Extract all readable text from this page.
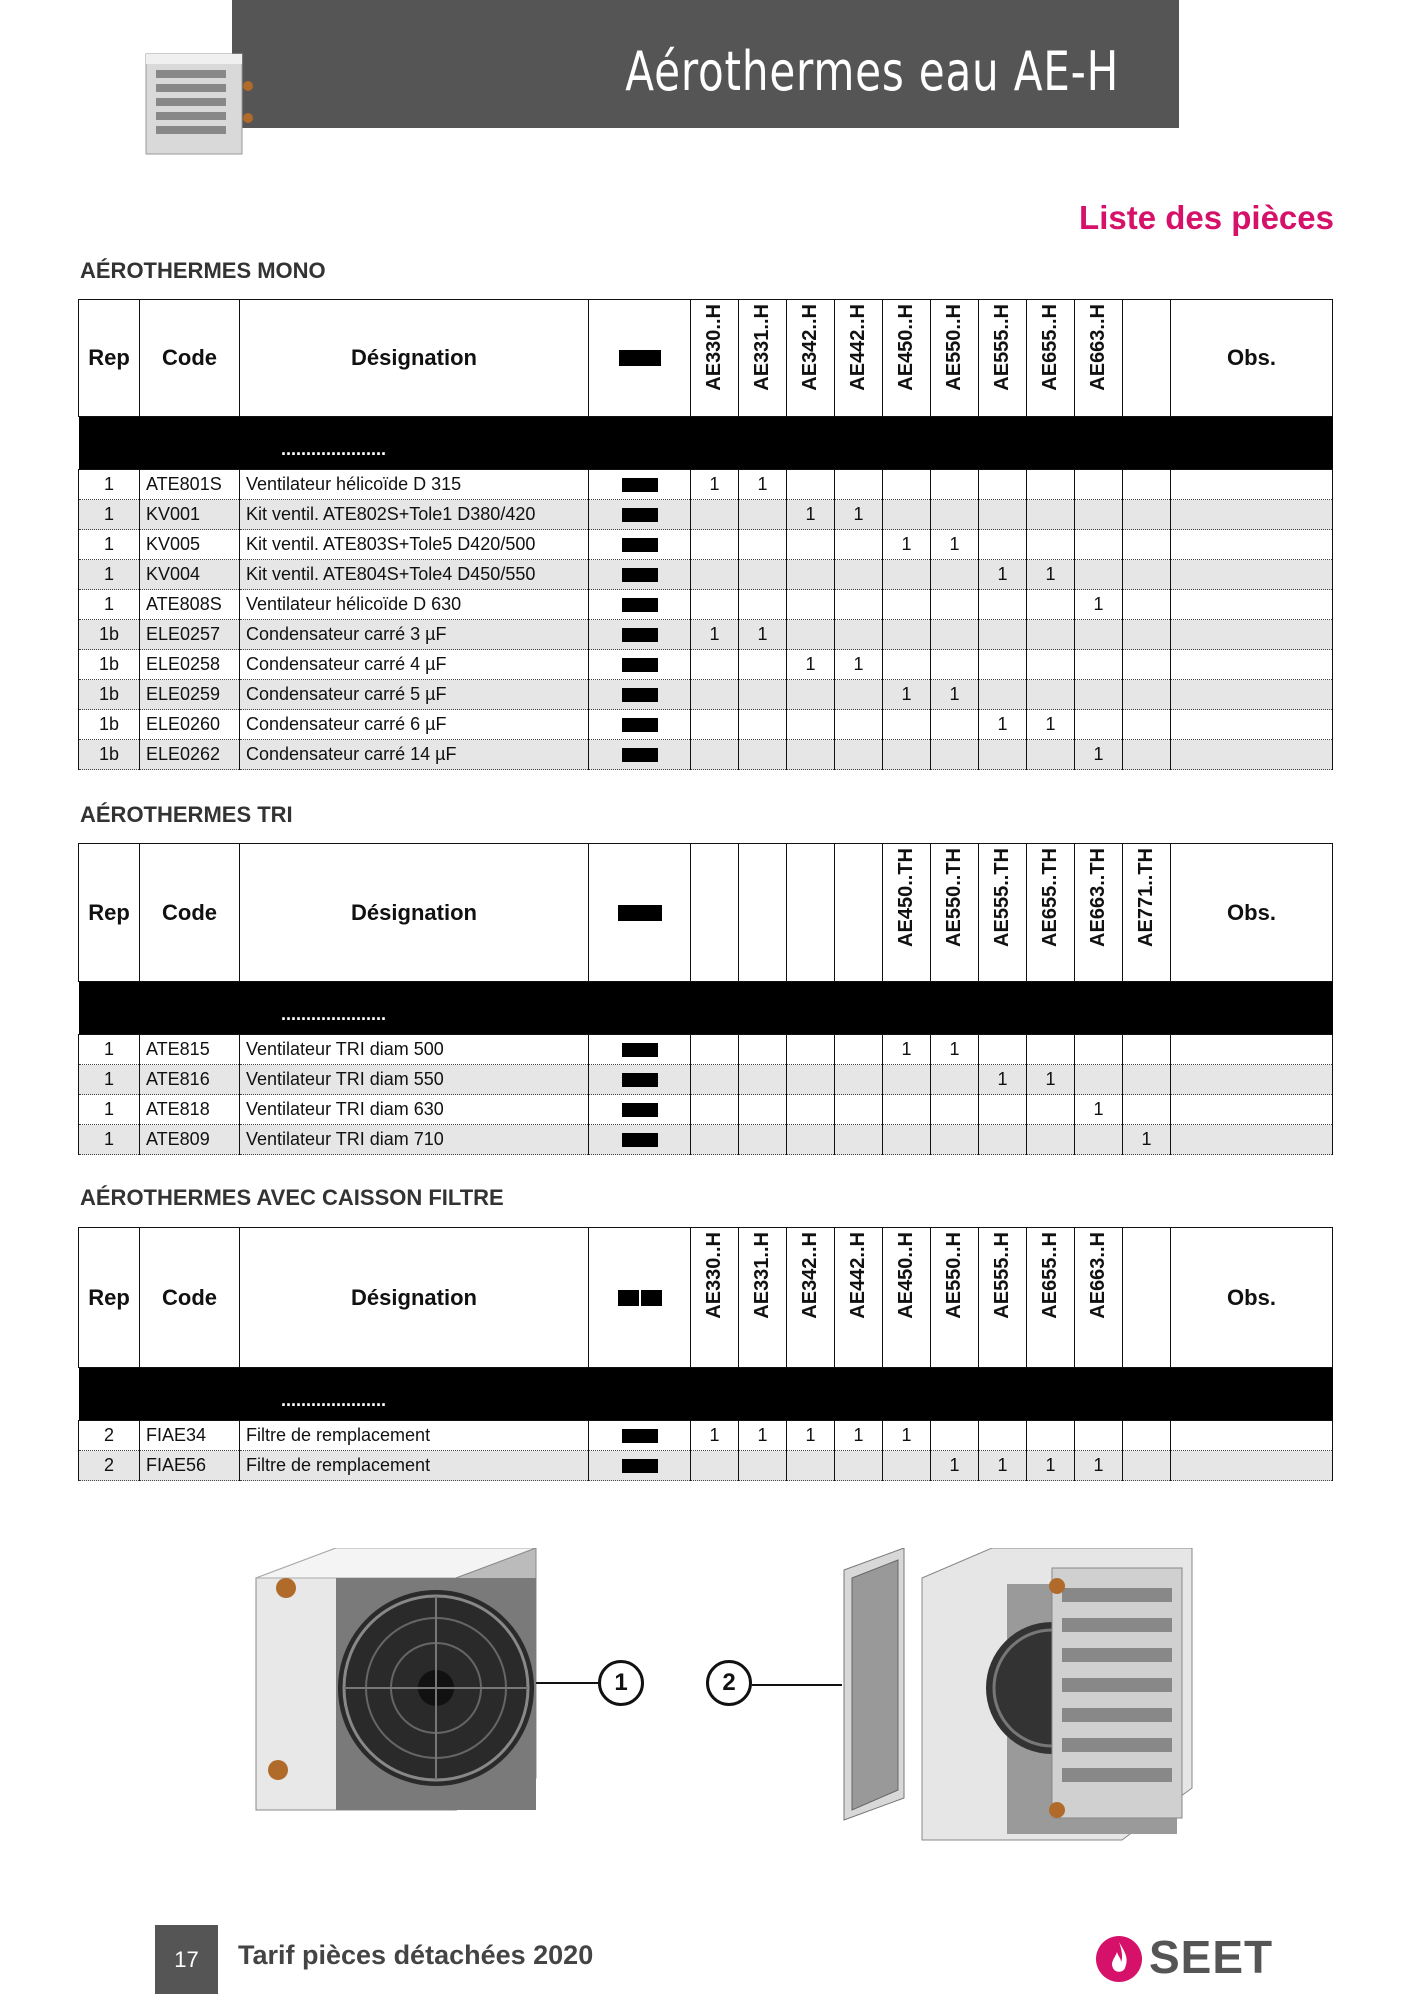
Aérothermes eau AE-H
Liste des pièces
AÉROTHERMES MONO
Rep	Code	Désignation		AE330..H	AE331..H	AE342..H	AE442..H	AE450..H	AE550..H	AE555..H	AE655..H	AE663..H		Obs.
.....................														
1	ATE801S	Ventilateur hélicoïde D 315		1	1									
1	KV001	Kit ventil. ATE802S+Tole1 D380/420				1	1							
1	KV005	Kit ventil. ATE803S+Tole5 D420/500						1	1					
1	KV004	Kit ventil. ATE804S+Tole4 D450/550								1	1			
1	ATE808S	Ventilateur hélicoïde D 630										1		
1b	ELE0257	Condensateur carré 3 µF		1	1									
1b	ELE0258	Condensateur carré 4 µF				1	1							
1b	ELE0259	Condensateur carré 5 µF						1	1					
1b	ELE0260	Condensateur carré 6 µF								1	1			
1b	ELE0262	Condensateur carré 14 µF										1		
AÉROTHERMES TRI
Rep	Code	Désignation						AE450..TH	AE550..TH	AE555..TH	AE655..TH	AE663..TH	AE771..TH	Obs.
.....................														
1	ATE815	Ventilateur TRI diam 500						1	1					
1	ATE816	Ventilateur TRI diam 550								1	1			
1	ATE818	Ventilateur TRI diam 630										1		
1	ATE809	Ventilateur TRI diam 710											1	
AÉROTHERMES AVEC CAISSON FILTRE
Rep	Code	Désignation		AE330..H	AE331..H	AE342..H	AE442..H	AE450..H	AE550..H	AE555..H	AE655..H	AE663..H		Obs.
.....................														
2	FIAE34	Filtre de remplacement		1	1	1	1	1						
2	FIAE56	Filtre de remplacement							1	1	1	1		
1	2
17	Tarif pièces détachées 2020	SEET
